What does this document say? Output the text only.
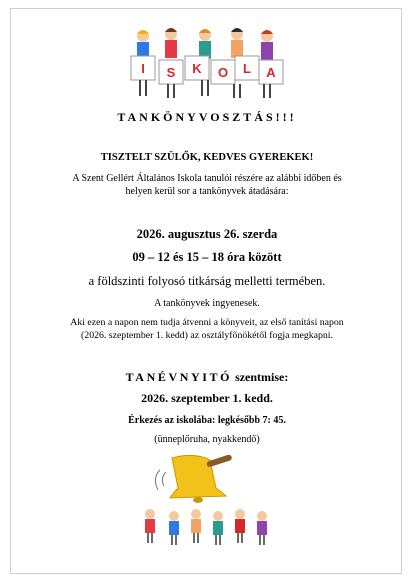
I S K O L A
TANKÖNYVOSZTÁS!!!
TISZTELT SZÜLŐK, KEDVES GYEREKEK!
A Szent Gellért Általános Iskola tanulói részére az alábbi időben és
helyen kerül sor a tankönyvek átadására:
2026. augusztus 26. szerda
09 – 12 és 15 – 18 óra között
a földszinti folyosó titkárság melletti termében.
A tankönyvek ingyenesek.
Aki ezen a napon nem tudja átvenni a könyveit, az első tanítási napon
(2026. szeptember 1. kedd) az osztályfőnökétől fogja megkapni.
TANÉVNYITÓ szentmise:
2026. szeptember 1. kedd.
Érkezés az iskolába: legkésőbb 7: 45.
(ünneplőruha, nyakkendő)
